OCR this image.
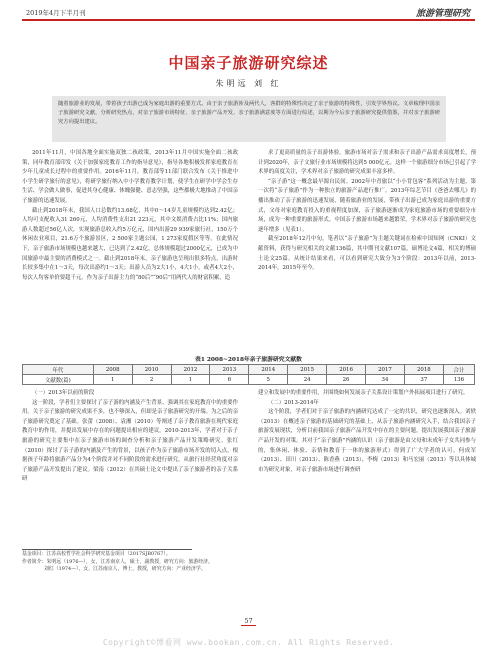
2019年4月下半月刊	旅游管理研究
中国亲子旅游研究综述
朱明远 刘 红
随着旅游业的发展，带着孩子出游已成为家庭出游的重要方式。由于亲子旅游涉及两代人，客群的特殊性决定了亲子旅游的特殊性，引发学界热议。文章梳理中国亲子旅游研究文献，分析研究热点，对亲子旅游市场特征、亲子旅游产品开发、亲子旅游满意度等方面进行综述，以期为今后亲子旅游研究提供借鉴，并对亲子旅游研究方向提出建议。

2011年11月，中国各地全面实施双独二孩政策，2013年11月中国实施全面二孩政策，同年教育部印发《关于加强家庭教育工作的指导意见》，指导各地积极发挥家庭教育在少年儿童成长过程中的重要作用。2016年11月，教育部等11部门联合发布《关于推进中小学生研学旅行的意见》，将研学旅行纳入中小学教育教学计划，使学生在研学中学会生存生活、学会做人做事，促进其身心健康、体魄强健、意志坚强，这些都极大地推动了中国亲子旅游的迅速发展。

截止到2018年末，我国人口总数约13.68亿，其中0～14岁儿童规模约达到2.42亿；人均可支配收入31 260元，人均消费性支出21 223元，其中文娱消费占比11%；国内旅游人数超过56亿人次，实现旅游总收入约5万亿元，国内出游29 939家旅行社，150万个休闲农业项目，21.6万个旅游景区，2 500家主题公园，1 273家度假区等等。在此情况下，亲子旅游市场规模也越来越大，已达到了2.42亿，总体规模超过2000亿元，已成为中国旅游中最主要的消费模式之一。截止到2018年末，亲子旅游也呈现出很多特点，出游时长较多集中在1～3天，每次出游约1～3天；出游人员为2大1小，4大1小，或者4大2小，每次人均客单价要超千元。作为亲子出游主力的“80后”“90后”用两代人的财富积累，追

求了更高质量的亲子出游体验，旅游市场对亲子需求和亲子出游产品需求高度增长，预计到2020年，亲子文旅行业市场规模将达到5 000亿元。这样一个旅游细分市场已引起了学术界的高度关注，学术界对亲子旅游的研究成果丰富多样。

“亲子游”这一概念最早源自民间。2002年中青旅以“小小背包客”系列活动为主题，第一次将“亲子旅游”作为一种独立的旅游产品进行推广。2013年综艺节目《爸爸去哪儿》的播出推动了亲子旅游的迅速发展，随着旅游业的发展，带孩子出游已成为家庭出游的重要方式，父母对家庭教育投入的重视程度加深，亲子旅游逐渐成为家庭旅游市场的重要细分市场，成为一种重要的旅游形式。中国亲子旅游市场越来越繁荣，学术界对亲子旅游的研究也逐年增多（见表1）。

截至2018年12月中旬，笔者以“亲子旅游”为主题关键词在检索中国知网（CNKI）文献资料，获得与研究相关的文献136篇，其中期刊文献107篇，硕博论文4篇，相关的博硕士论文25篇。从统计结果来看，可以看到研究大致分为3个阶段：2013年以前，2013-2014年，2015年至今。

表1 2008~2018年亲子旅游研究文献数
年代	2008	2010	2012	2013	2014	2015	2016	2017	2018	合计
文献数(篇)	1	2	1	6	5	24	26	34	37	136

（一）2013年以前的阶段

这一阶段，学者们主要探讨了亲子游的内涵及产生背景、强调其在家庭教育中的重要作用。关于亲子旅游的研究成果不多，也不够深入，但却是亲子旅游研究的开端。为之后的亲子旅游研究奠定了基础。张蕾（2008）、袁湘（2010）等阐述了亲子教育旅游在现代家庭教育中的作用，并提出发展中存在的问题提出相应的建议。2010-2013年，学者对于亲子旅游的研究主要集中在亲子旅游市场的调查分析和亲子旅游产品开发策略研究。张红（2010）探讨了亲子游的内涵及产生的背景，以孩子作为亲子旅游市场开发的切入点，根据孩子年龄将旅游产品分为4个阶段并对不同阶段的需求进行研究，从旅行社经营角度对亲子旅游产品开发提出了建议。梁南（2012）在其硕士论文中提出了亲子旅游者的亲子关系研

建立和发展中的重要作用，并围绕如何发展亲子关系设计策划户外拓展项目进行了研究。

（二）2013-2014年

这个阶段，学者们对于亲子旅游的内涵研究达成了一定的共识，研究也逐渐深入。刘轶（2013）在概述亲子旅游的基础研究的基础上，从亲子旅游内涵研究入手，结合我国亲子旅游发展现状，分析目前我国亲子旅游产品开发中存在的主要问题，提出发展我国亲子旅游产品开发的对策。其对于“亲子旅游”内涵的认识（亲子旅游是由父母和未成年子女共同参与的，集休闲、体验、亲情和教育于一体的旅游形式）得到了广大学者的认可。何成军（2013）、田川（2013）、陈香燕（2013）、李梅（2013）和马宏丽（2013）等以具体城市为研究对象，对亲子旅游市场进行调查研

基金项目：江苏高校哲学社会科学研究基金项目（2017SJB0767）。
作者简介：朱明远（1976—），女，江苏南京人，硕士，副教授，研究方向：旅游经济。
刘红（1974—），女，江苏南京人，博士，教授，研究方向：产业经济学。
57
Copyright©博看网 www.bookan.com.cn. All Rights Reserved.
